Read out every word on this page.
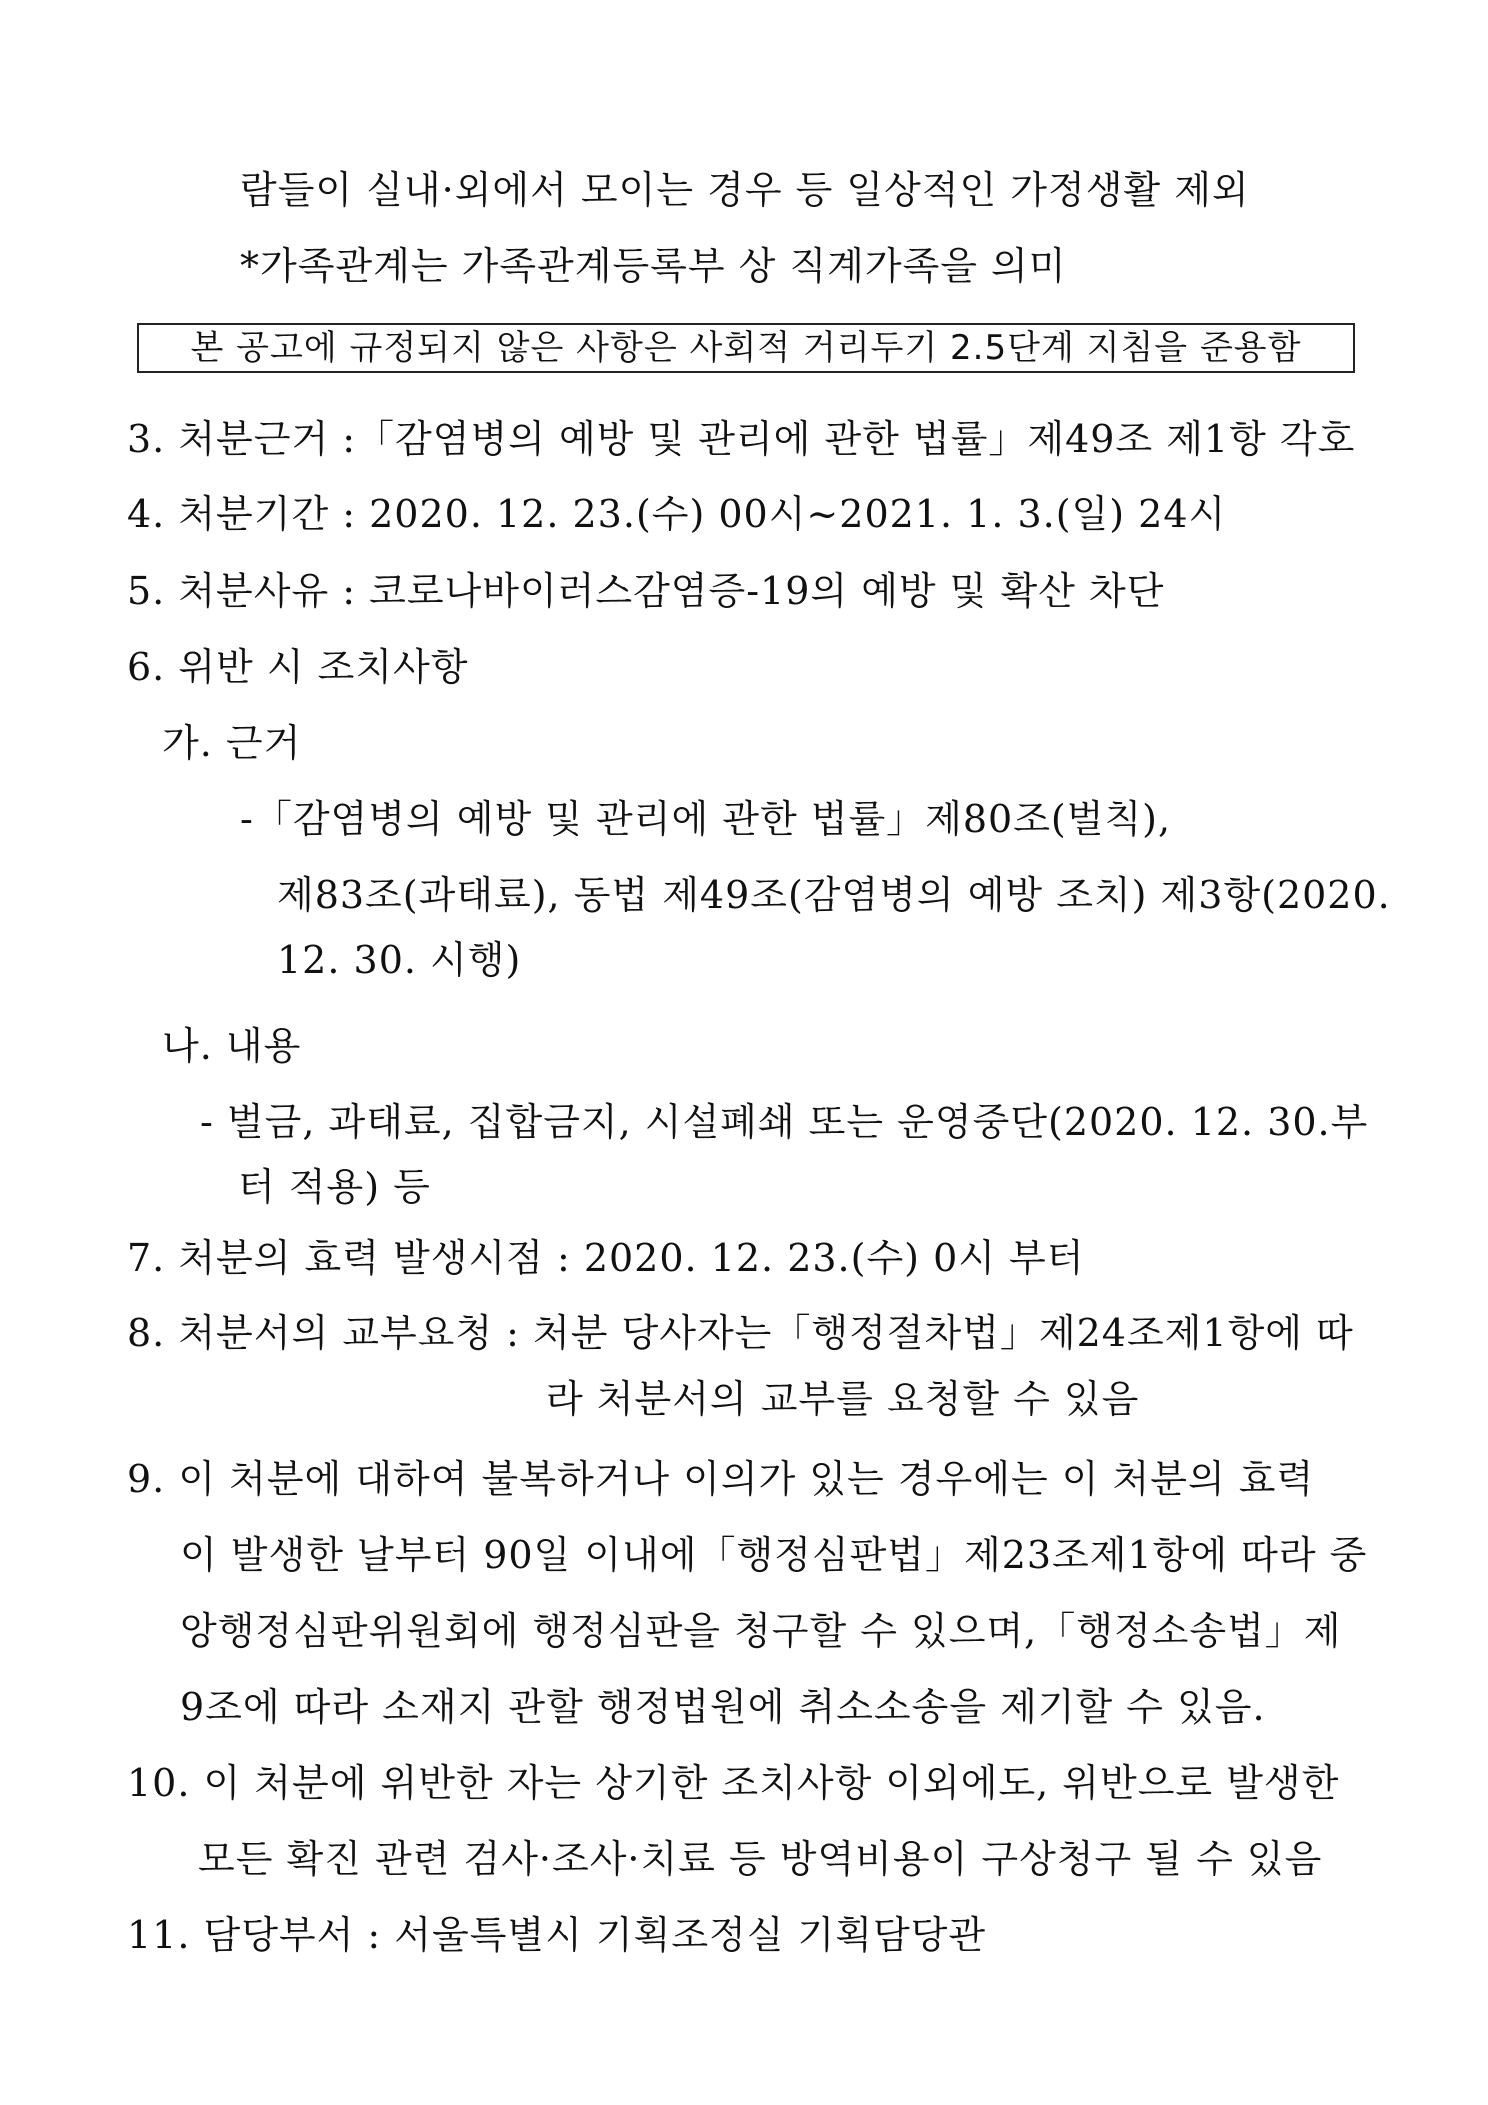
람들이 실내·외에서 모이는 경우 등 일상적인 가정생활 제외
*가족관계는 가족관계등록부 상 직계가족을 의미
본 공고에 규정되지 않은 사항은 사회적 거리두기 2.5단계 지침을 준용함
3. 처분근거 :「감염병의 예방 및 관리에 관한 법률」제49조 제1항 각호
4. 처분기간 : 2020. 12. 23.(수) 00시~2021. 1. 3.(일) 24시
5. 처분사유 : 코로나바이러스감염증-19의 예방 및 확산 차단
6. 위반 시 조치사항
가. 근거
-「감염병의 예방 및 관리에 관한 법률」제80조(벌칙),
제83조(과태료), 동법 제49조(감염병의 예방 조치) 제3항(2020.
12. 30. 시행)
나. 내용
- 벌금, 과태료, 집합금지, 시설폐쇄 또는 운영중단(2020. 12. 30.부
터 적용) 등
7. 처분의 효력 발생시점 : 2020. 12. 23.(수) 0시 부터
8. 처분서의 교부요청 : 처분 당사자는「행정절차법」제24조제1항에 따
라 처분서의 교부를 요청할 수 있음
9. 이 처분에 대하여 불복하거나 이의가 있는 경우에는 이 처분의 효력
이 발생한 날부터 90일 이내에「행정심판법」제23조제1항에 따라 중
앙행정심판위원회에 행정심판을 청구할 수 있으며,「행정소송법」제
9조에 따라 소재지 관할 행정법원에 취소소송을 제기할 수 있음.
10. 이 처분에 위반한 자는 상기한 조치사항 이외에도, 위반으로 발생한
모든 확진 관련 검사·조사·치료 등 방역비용이 구상청구 될 수 있음
11. 담당부서 : 서울특별시 기획조정실 기획담당관
